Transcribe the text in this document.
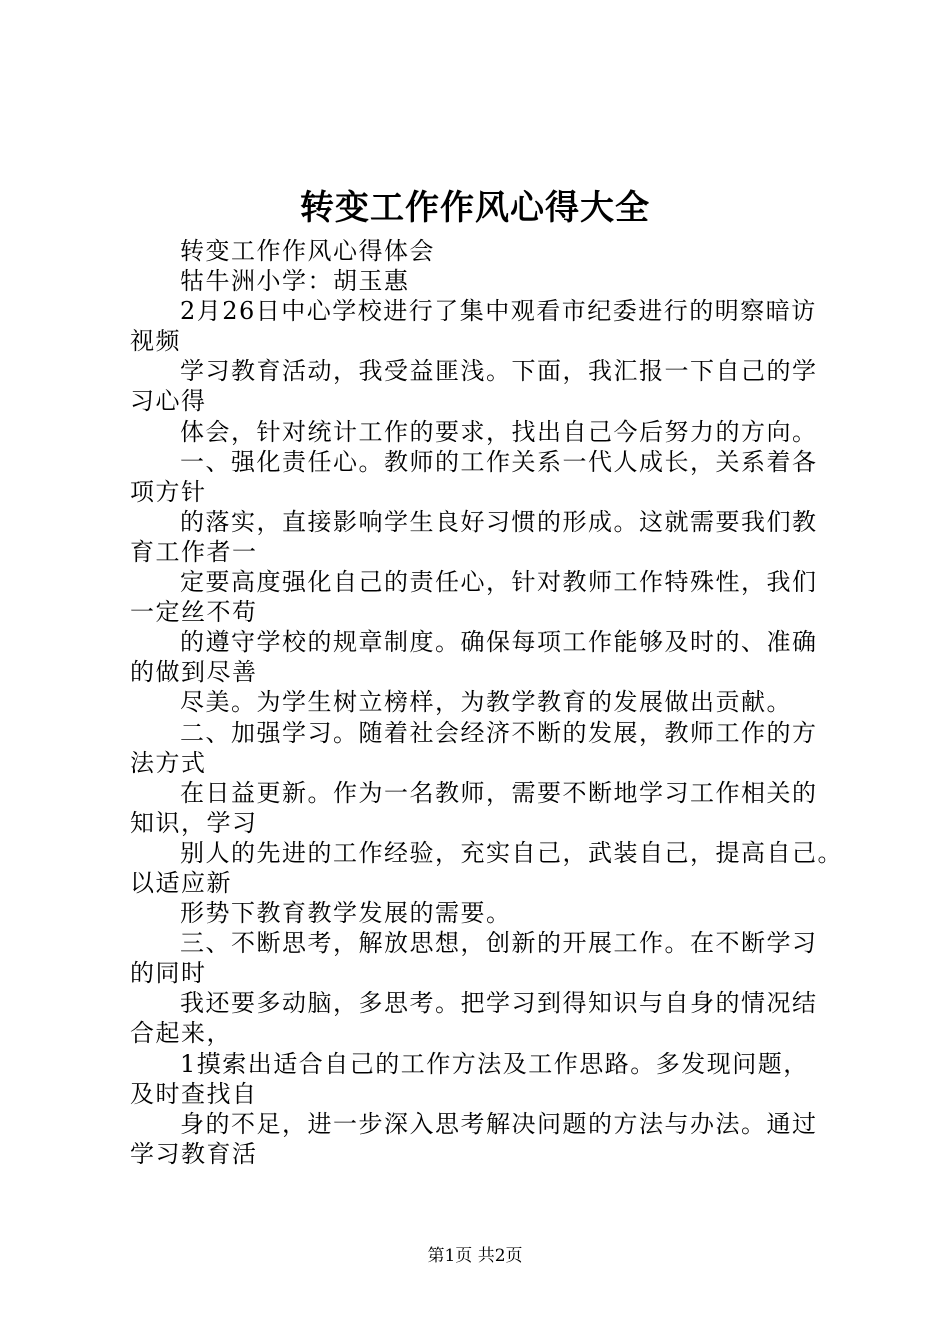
转变工作作风心得大全
转变工作作风心得体会
牯牛洲小学：胡玉惠
2月26日中心学校进行了集中观看市纪委进行的明察暗访
视频
学习教育活动，我受益匪浅。下面，我汇报一下自己的学
习心得
体会，针对统计工作的要求，找出自己今后努力的方向。
一、强化责任心。教师的工作关系一代人成长，关系着各
项方针
的落实，直接影响学生良好习惯的形成。这就需要我们教
育工作者一
定要高度强化自己的责任心，针对教师工作特殊性，我们
一定丝不苟
的遵守学校的规章制度。确保每项工作能够及时的、准确
的做到尽善
尽美。为学生树立榜样，为教学教育的发展做出贡献。
二、加强学习。随着社会经济不断的发展，教师工作的方
法方式
在日益更新。作为一名教师，需要不断地学习工作相关的
知识，学习
别人的先进的工作经验，充实自己，武装自己，提高自己。
以适应新
形势下教育教学发展的需要。
三、不断思考，解放思想，创新的开展工作。在不断学习
的同时
我还要多动脑，多思考。把学习到得知识与自身的情况结
合起来，
1摸索出适合自己的工作方法及工作思路。多发现问题，
及时查找自
身的不足，进一步深入思考解决问题的方法与办法。通过
学习教育活
第1页 共2页
